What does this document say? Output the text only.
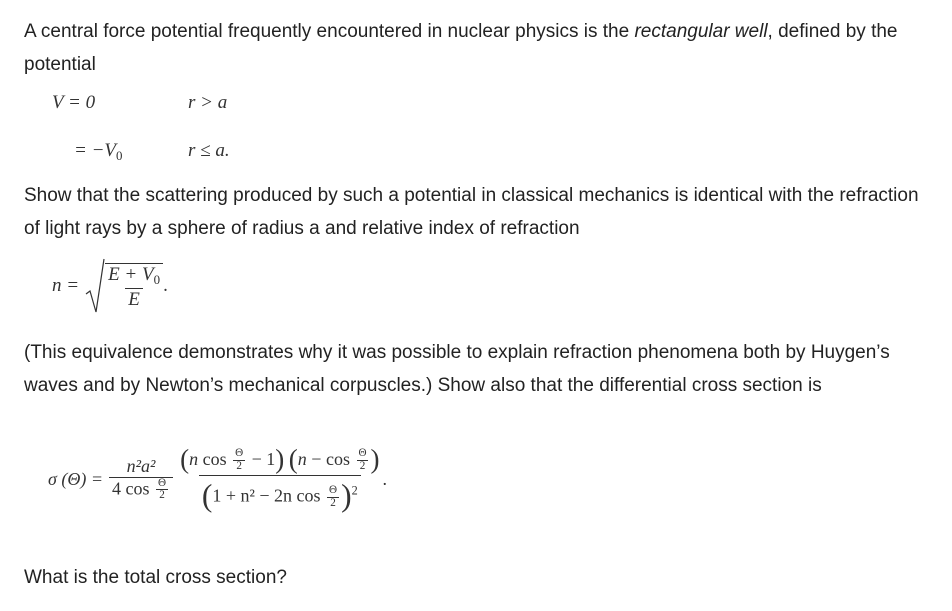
A central force potential frequently encountered in nuclear physics is the rectangular well, defined by the potential
V = 0	r > a
= $-V_0$	r ≤ a.
Show that the scattering produced by such a potential in classical mechanics is identical with the refraction of light rays by a sphere of radius a and relative index of refraction
$n = \frac{E + V_0}{E}$ .
(This equivalence demonstrates why it was possible to explain refraction phenomena both by Huygen’s waves and by Newton’s mechanical corpuscles.) Show also that the differential cross section is
σ $(\Theta) = \frac{\text{n²a²}}{4 \cos \frac{\Theta}{2}} (n$ $\cos \frac{\Theta}{2} - 1$) ($n - \cos \frac{\Theta}{2}$ )
(1 + n² − 2n $\cos \frac{\Theta}{2} )^2$
.
What is the total cross section?
